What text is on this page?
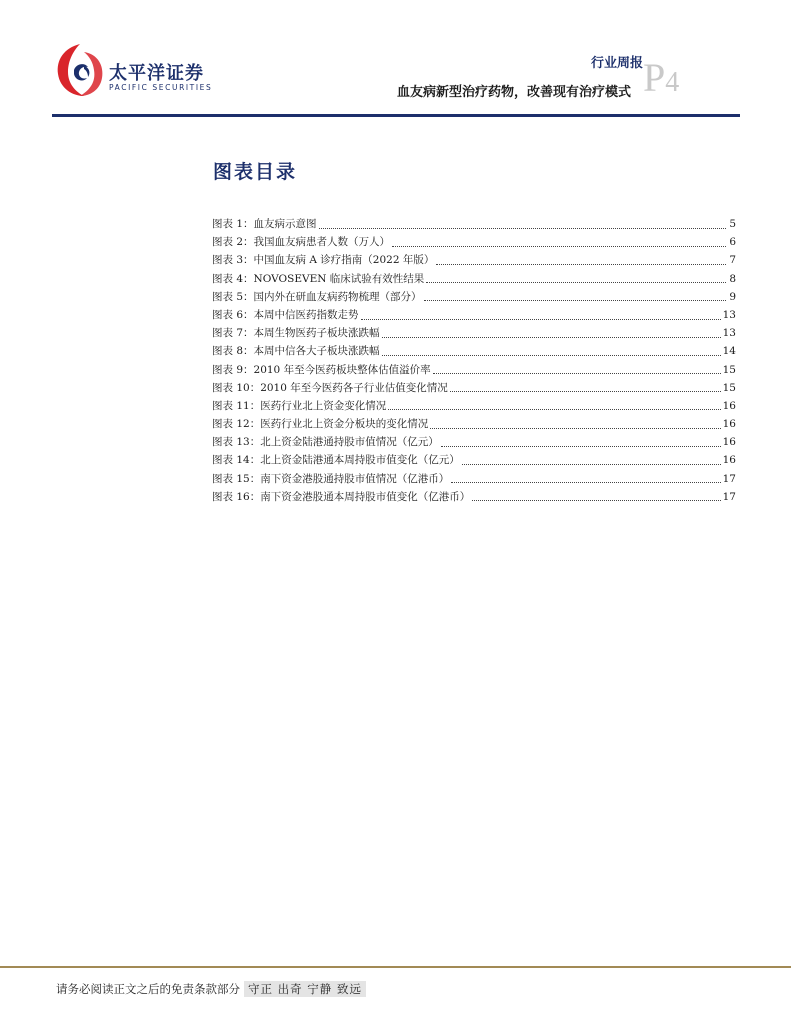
太平洋证券
PACIFIC SECURITIES
行业周报
血友病新型治疗药物，改善现有治疗模式 P4
图表目录
图表 1：血友病示意图	5
图表 2：我国血友病患者人数（万人）	6
图表 3：中国血友病 A 诊疗指南（2022 年版）	7
图表 4：NOVOSEVEN 临床试验有效性结果	8
图表 5：国内外在研血友病药物梳理（部分）	9
图表 6：本周中信医药指数走势	13
图表 7：本周生物医药子板块涨跌幅	13
图表 8：本周中信各大子板块涨跌幅	14
图表 9：2010 年至今医药板块整体估值溢价率	15
图表 10：2010 年至今医药各子行业估值变化情况	15
图表 11：医药行业北上资金变化情况	16
图表 12：医药行业北上资金分板块的变化情况	16
图表 13：北上资金陆港通持股市值情况（亿元）	16
图表 14：北上资金陆港通本周持股市值变化（亿元）	16
图表 15：南下资金港股通持股市值情况（亿港币）	17
图表 16：南下资金港股通本周持股市值变化（亿港币）	17
请务必阅读正文之后的免责条款部分 守正 出奇 宁静 致远
